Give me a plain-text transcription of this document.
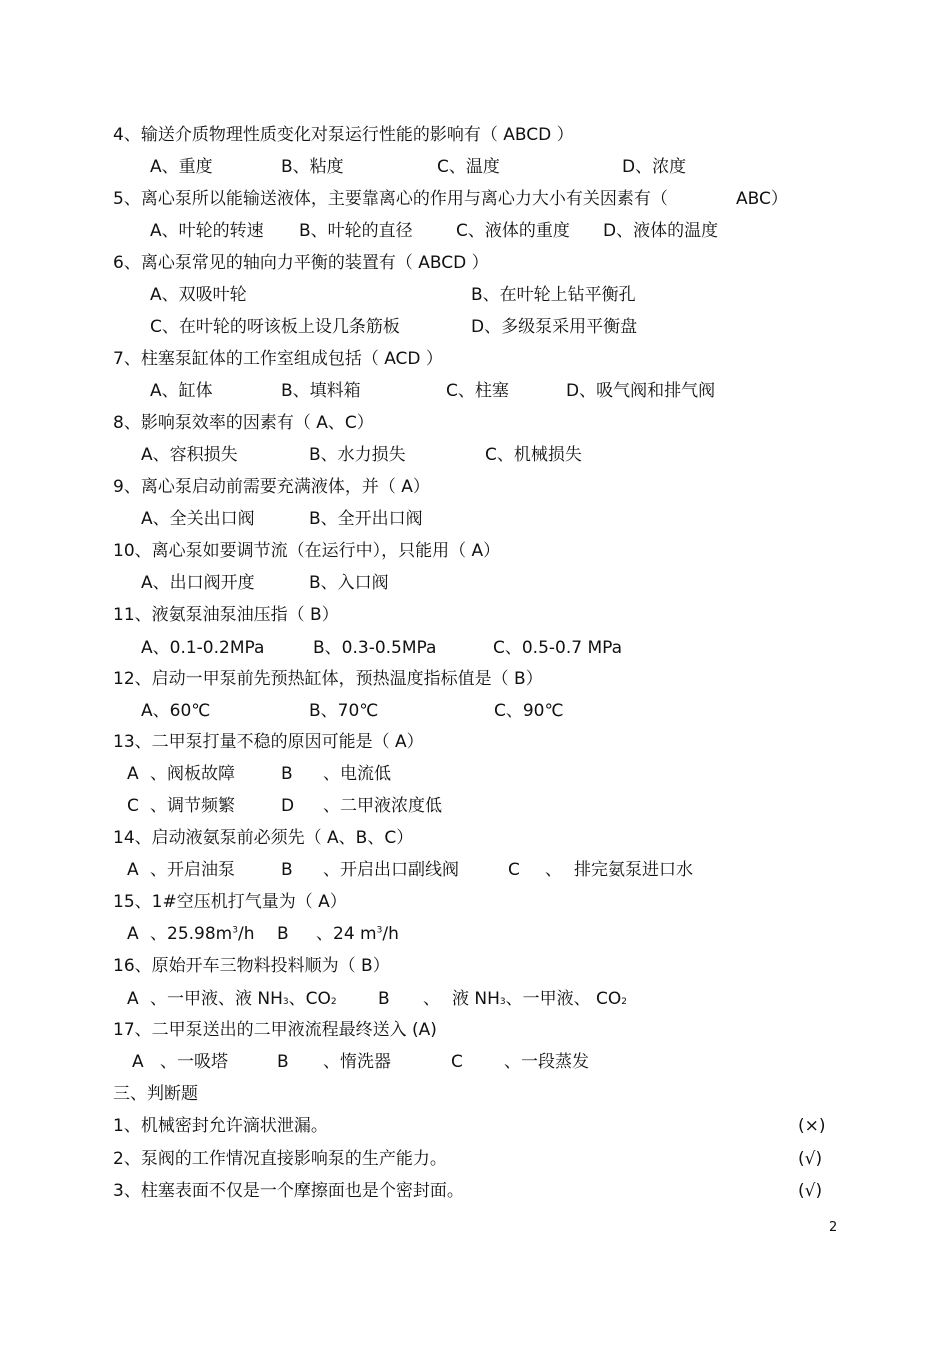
4、输送介质物理性质变化对泵运行性能的影响有（ ABCD ）
A、重度	B、粘度	C、温度	D、浓度
5、离心泵所以能输送液体，主要靠离心的作用与离心力大小有关因素有（	ABC）
A、叶轮的转速 B、叶轮的直径	C、液体的重度 D、液体的温度
6、离心泵常见的轴向力平衡的装置有（ ABCD ）
A、双吸叶轮	B、在叶轮上钻平衡孔
C、在叶轮的呀该板上设几条筋板	D、多级泵采用平衡盘
7、柱塞泵缸体的工作室组成包括（ ACD ）
A、缸体	B、填料箱	C、柱塞	D、吸气阀和排气阀
8、影响泵效率的因素有（ A、C）
A、容积损失	B、水力损失	C、机械损失
9、离心泵启动前需要充满液体，并（ A）
A、全关出口阀	B、全开出口阀
10、离心泵如要调节流（在运行中），只能用（ A）
A、出口阀开度	B、入口阀
11、液氨泵油泵油压指（ B）
A、0.1-0.2MPa	B、0.3-0.5MPa	C、0.5-0.7 MPa
12、启动一甲泵前先预热缸体，预热温度指标值是（ B）
A、60℃	B、70℃	C、90℃
13、二甲泵打量不稳的原因可能是（ A）
A 、阀板故障	B 、电流低
C 、调节频繁	D 、二甲液浓度低
14、启动液氨泵前必须先（ A、B、C）
A 、开启油泵	B 、开启出口副线阀	C 、 排完氨泵进口水
15、1#空压机打气量为（ A）
A 、$25.98m^3/h$ B 、24 $m^3/h$
16、原始开车三物料投料顺为（ B）
A 、一甲液、液 NH3、CO2 B 、 液 NH3、一甲液、 CO2
17、二甲泵送出的二甲液流程最终送入 (A)
A 、一吸塔	B 、惰洗器	C 、一段蒸发
三、判断题
1、机械密封允许滴状泄漏。	(×)
2、泵阀的工作情况直接影响泵的生产能力。	(√)
3、柱塞表面不仅是一个摩擦面也是个密封面。	(√)
2
